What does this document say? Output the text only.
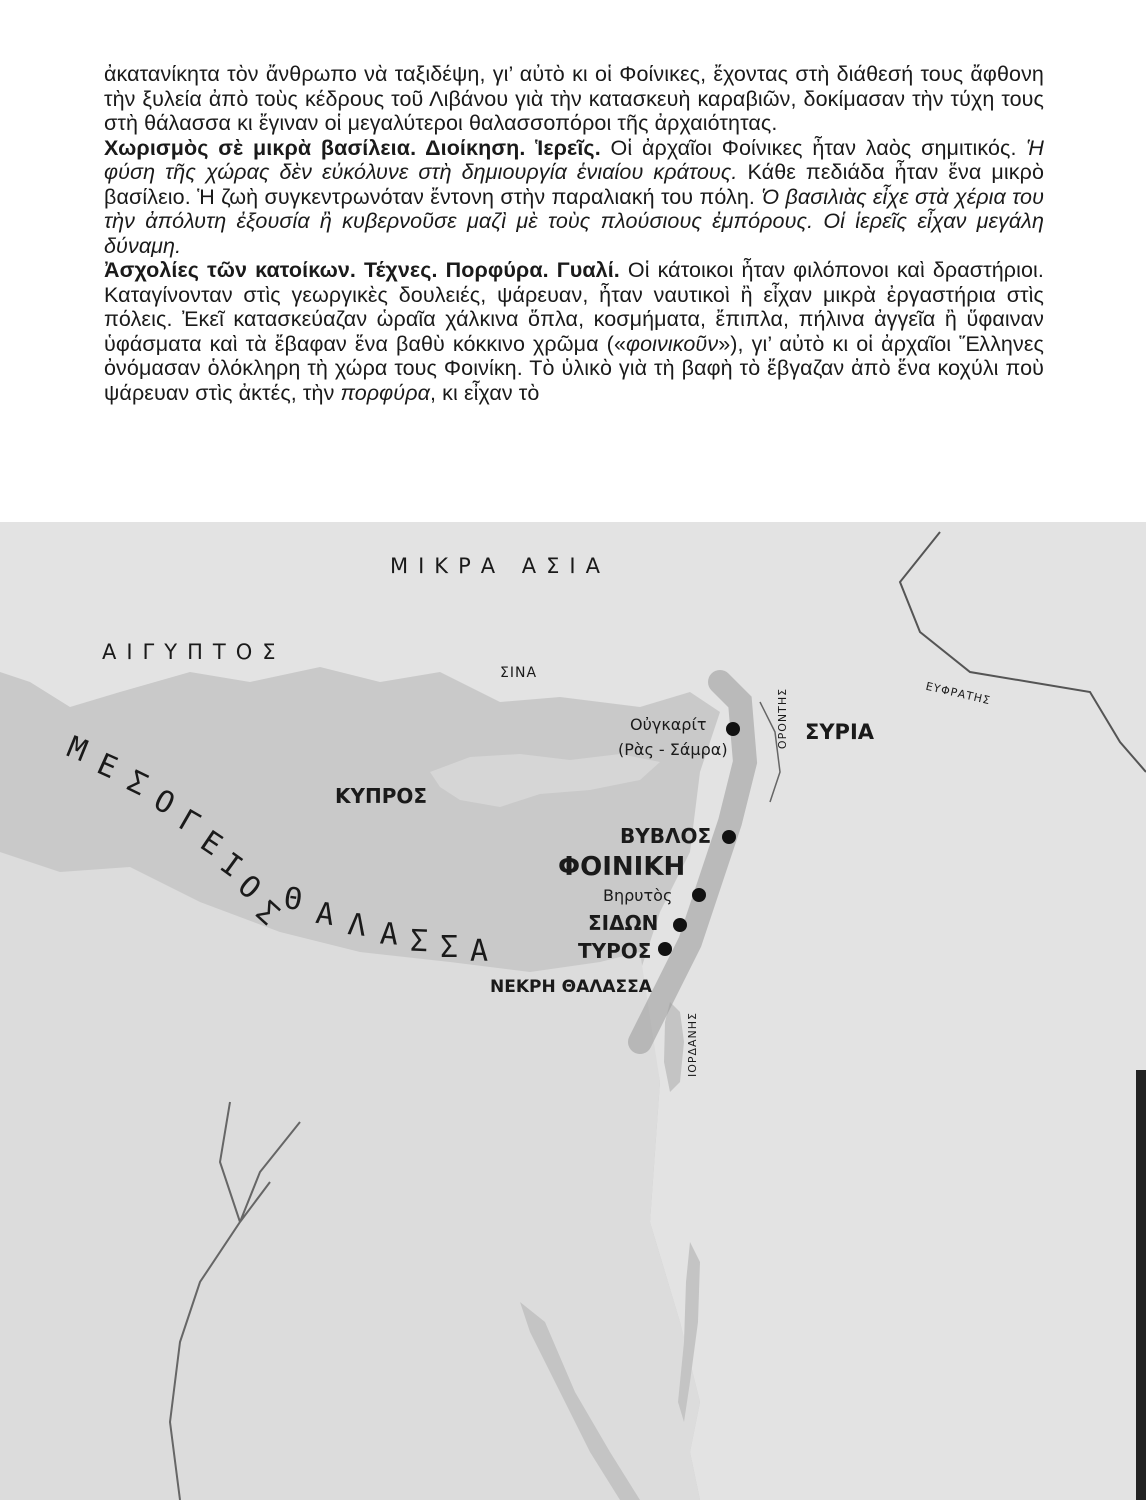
ἀκατανίκητα τὸν ἄνθρωπο νὰ ταξιδέψη, γι’ αὐτὸ κι οἱ Φοίνικες, ἔχοντας στὴ διάθεσή τους ἄφθονη τὴν ξυλεία ἀπὸ τοὺς κέδρους τοῦ Λιβάνου γιὰ τὴν κατασκευὴ καραβιῶν, δοκίμασαν τὴν τύχη τους στὴ θάλασσα κι ἔγιναν οἱ μεγαλύτεροι θαλασσοπόροι τῆς ἀρχαιότητας.

Χωρισμὸς σὲ μικρὰ βασίλεια. Διοίκηση. Ἱερεῖς. Οἱ ἀρχαῖοι Φοίνικες ἦταν λαὸς σημιτικός. Ἡ φύση τῆς χώρας δὲν εὐκόλυνε στὴ δημιουργία ἑνιαίου κράτους. Κάθε πεδιάδα ἦταν ἕνα μικρὸ βασίλειο. Ἡ ζωὴ συγκεντρωνόταν ἔντονη στὴν παραλιακή του πόλη. Ὁ βασιλιὰς εἶχε στὰ χέρια του τὴν ἀπόλυτη ἐξουσία ἢ κυβερνοῦσε μαζὶ μὲ τοὺς πλούσιους ἐμπόρους. Οἱ ἱερεῖς εἶχαν μεγάλη δύναμη.

Ἀσχολίες τῶν κατοίκων. Τέχνες. Πορφύρα. Γυαλί. Οἱ κάτοικοι ἦταν φιλόπονοι καὶ δραστήριοι. Καταγίνονταν στὶς γεωργικὲς δουλειές, ψάρευαν, ἦταν ναυτικοὶ ἢ εἶχαν μικρὰ ἐργαστήρια στὶς πόλεις. Ἐκεῖ κατασκεύαζαν ὡραῖα χάλκινα ὅπλα, κοσμήματα, ἔπιπλα, πήλινα ἀγγεῖα ἢ ὕφαιναν ὑφάσματα καὶ τὰ ἔβαφαν ἕνα βαθὺ κόκκινο χρῶμα («φοινικοῦν»), γι’ αὐτὸ κι οἱ ἀρχαῖοι Ἕλληνες ὀνόμασαν ὁλόκληρη τὴ χώρα τους Φοινίκη. Τὸ ὑλικὸ γιὰ τὴ βαφὴ τὸ ἔβγαζαν ἀπὸ ἕνα κοχύλι ποὺ ψάρευαν στὶς ἀκτές, τὴν πορφύρα, κι εἶχαν τὸ

ΜΙΚΡΑ ΑΣΙΑ
ΚΥΠΡΟΣ
ΣΥΡΙΑ
ΦΟΙΝΙΚΗ
ΑΙΓΥΠΤΟΣ
ΣΙΝΑ
ΝΕΚΡΗ ΘΑΛΑΣΣΑ
Μ Ε
Σ
Ο
Γ
Ε
Ι
Ο
Σ
Θ Α Λ Α Σ Σ Α
ΕΥΦΡΑΤΗΣ
ΟΡΟΝΤΗΣ
ΙΟΡΔΑΝΗΣ
Οὐγκαρίτ
(Ρὰς - Σάμρα)
ΒΥΒΛΟΣ
Βηρυτὸς
ΣΙΔΩΝ
ΤΥΡΟΣ
